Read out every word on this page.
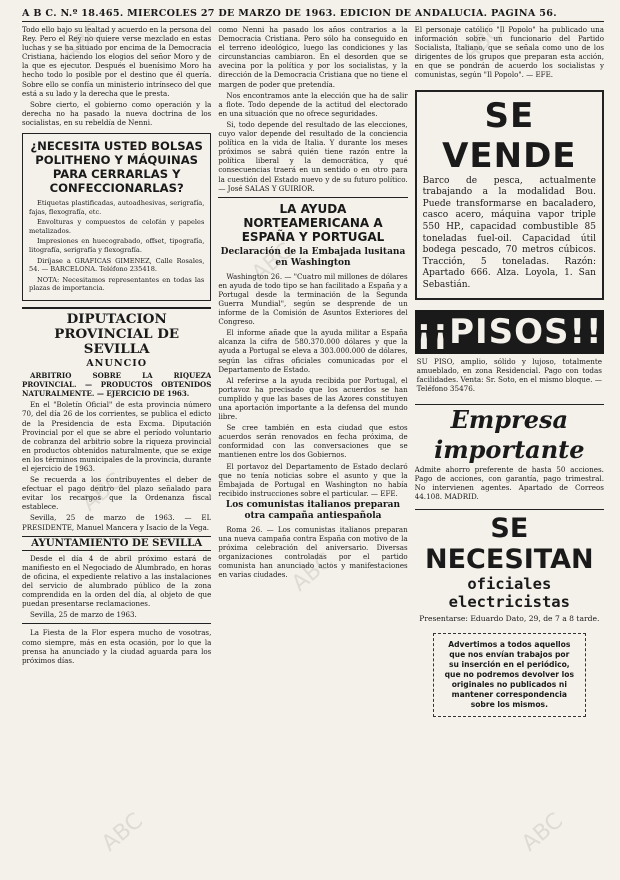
A B C. N.º 18.465. MIERCOLES 27 DE MARZO DE 1963. EDICION DE ANDALUCIA. PAGINA 56.

Todo ello bajo su lealtad y acuerdo en la persona del Rey. Pero el Rey no quiere verse mezclado en estas luchas y se ha situado por encima de la Democracia Cristiana, haciendo los elogios del señor Moro y de la que es ejecutor. Después el buenísimo Moro ha hecho todo lo posible por el destino que él quería. Sobre ello se confía un ministerio intrínseco del que está a su lado y la derecha que le presta.

Sobre cierto, el gobierno como operación y la derecha no ha pasado la nueva doctrina de los socialistas, en su rebeldía de Nenni.

¿NECESITA USTED BOLSAS POLITHENO Y MÁQUINAS PARA CERRARLAS Y CONFECCIONARLAS?

Etiquetas plastificadas, autoadhesivas, serigrafía, fajas, flexografía, etc.

Envolturas y compuestos de celofán y papeles metalizados.

Impresiones en huecograbado, offset, tipografía, litografía, serigrafía y flexografía.

Diríjase a GRAFICAS GIMENEZ, Calle Rosales, 54. — BARCELONA. Teléfono 235418.

NOTA: Necesitamos representantes en todas las plazas de importancia.

DIPUTACION PROVINCIAL DE SEVILLA
ANUNCIO

ARBITRIO SOBRE LA RIQUEZA PROVINCIAL. — PRODUCTOS OBTENIDOS NATURALMENTE. — EJERCICIO DE 1963.

En el "Boletín Oficial" de esta provincia número 70, del día 26 de los corrientes, se publica el edicto de la Presidencia de esta Excma. Diputación Provincial por el que se abre el período voluntario de cobranza del arbitrio sobre la riqueza provincial en productos obtenidos naturalmente, que se exige en los términos municipales de la provincia, durante el ejercicio de 1963.

Se recuerda a los contribuyentes el deber de efectuar el pago dentro del plazo señalado para evitar los recargos que la Ordenanza fiscal establece.

Sevilla, 25 de marzo de 1963. — EL PRESIDENTE, Manuel Mancera y Isacio de la Vega.

AYUNTAMIENTO DE SEVILLA

Desde el día 4 de abril próximo estará de manifiesto en el Negociado de Alumbrado, en horas de oficina, el expediente relativo a las instalaciones del servicio de alumbrado público de la zona comprendida en la orden del día, al objeto de que puedan presentarse reclamaciones.

Sevilla, 25 de marzo de 1963.

La Fiesta de la Flor espera mucho de vosotras, como siempre, más en esta ocasión, por lo que la prensa ha anunciado y la ciudad aguarda para los próximos días.

como Nenni ha pasado los años contrarios a la Democracia Cristiana. Pero sólo ha conseguido en el terreno ideológico, luego las condiciones y las circunstancias cambiaron. En el desorden que se avecina por la política y por los socialistas, y la dirección de la Democracia Cristiana que no tiene el margen de poder que pretendía.

Nos encontramos ante la elección que ha de salir a flote. Todo depende de la actitud del electorado en una situación que no ofrece seguridades.

Si, todo depende del resultado de las elecciones, cuyo valor depende del resultado de la conciencia política en la vida de Italia. Y durante los meses próximos se sabrá quién tiene razón entre la política liberal y la democrática, y qué consecuencias traerá en un sentido o en otro para la cuestión del Estado nuevo y de su futuro político. — José SALAS Y GUIRIOR.

LA AYUDA NORTEAMERICANA A ESPAÑA Y PORTUGAL
Declaración de la Embajada lusitana en Washington

Washington 26. — "Cuatro mil millones de dólares en ayuda de todo tipo se han facilitado a España y a Portugal desde la terminación de la Segunda Guerra Mundial", según se desprende de un informe de la Comisión de Asuntos Exteriores del Congreso.

El informe añade que la ayuda militar a España alcanza la cifra de 580.370.000 dólares y que la ayuda a Portugal se eleva a 303.000.000 de dólares, según las cifras oficiales comunicadas por el Departamento de Estado.

Al referirse a la ayuda recibida por Portugal, el portavoz ha precisado que los acuerdos se han cumplido y que las bases de las Azores constituyen una aportación importante a la defensa del mundo libre.

Se cree también en esta ciudad que estos acuerdos serán renovados en fecha próxima, de conformidad con las conversaciones que se mantienen entre los dos Gobiernos.

El portavoz del Departamento de Estado declaró que no tenía noticias sobre el asunto y que la Embajada de Portugal en Washington no había recibido instrucciones sobre el particular. — EFE.

Los comunistas italianos preparan otra campaña antiespañola

Roma 26. — Los comunistas italianos preparan una nueva campaña contra España con motivo de la próxima celebración del aniversario. Diversas organizaciones controladas por el partido comunista han anunciado actos y manifestaciones en varias ciudades.

El personaje católico "Il Popolo" ha publicado una información sobre un funcionario del Partido Socialista, Italiano, que se señala como uno de los dirigentes de los grupos que preparan esta acción, en que se pondrán de acuerdo los socialistas y comunistas, según "Il Popolo". — EFE.

SE VENDE
Barco de pesca, actualmente trabajando a la modalidad Bou. Puede transformarse en bacaladero, casco acero, máquina vapor triple 550 HP., capacidad combustible 85 toneladas fuel-oil. Capacidad útil bodega pescado, 70 metros cúbicos. Tracción, 5 toneladas. Razón: Apartado 666. Alza. Loyola, 1. San Sebastián.
¡¡PISOS!!
SU PISO, amplio, sólido y lujoso, totalmente amueblado, en zona Residencial. Pago con todas facilidades. Venta: Sr. Soto, en el mismo bloque. — Teléfono 35476.
Empresa importante
Admite ahorro preferente de hasta 50 acciones. Pago de acciones, con garantía, pago trimestral. No intervienen agentes. Apartado de Correos 44.108. MADRID.
SE NECESITAN
oficiales electricistas
Presentarse: Eduardo Dato, 29, de 7 a 8 tarde.
Advertimos a todos aquellos que nos envían trabajos por su inserción en el periódico, que no podremos devolver los originales no publicados ni mantener correspondencia sobre los mismos.
ABC
ABC
ABC
ABC
ABC
ABC	ABC
